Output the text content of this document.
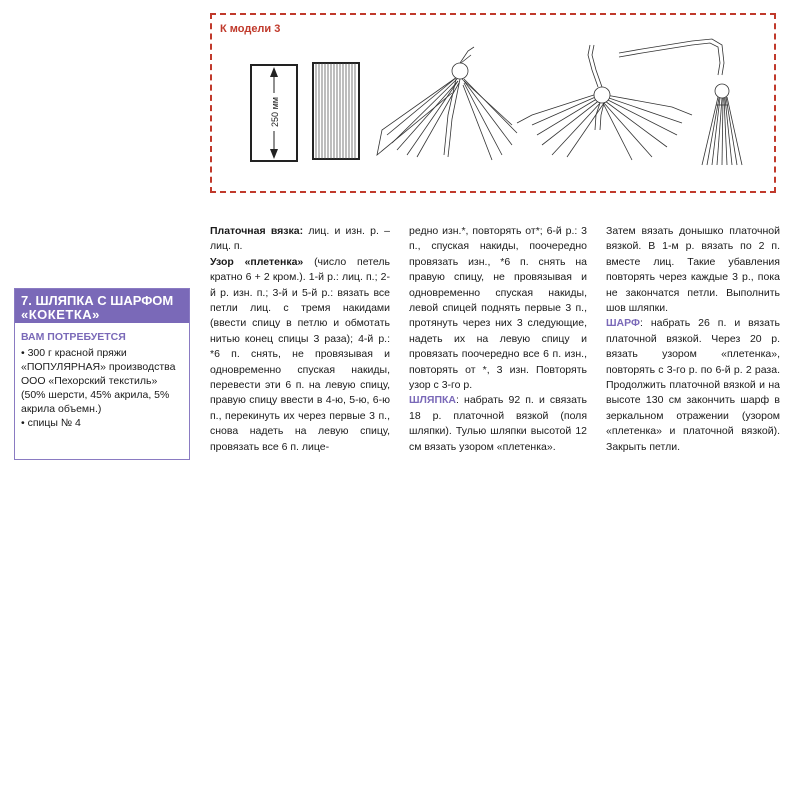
К модели 3
250 мм
7. ШЛЯПКА С ШАРФОМ
«КОКЕТКА»
ВАМ ПОТРЕБУЕТСЯ

• 300 г красной пряжи «ПОПУЛЯРНАЯ» производства ООО «Пехорский текстиль» (50% шерсти, 45% акрила, 5% акрила объемн.)

• спицы № 4

Платочная вязка: лиц. и изн. р. – лиц. п.

Узор «плетенка» (число петель кратно 6 + 2 кром.). 1-й р.: лиц. п.; 2-й р. изн. п.; 3-й и 5-й р.: вязать все петли лиц. с тремя накидами (ввести спицу в петлю и обмотать нитью конец спицы 3 раза); 4-й р.: *6 п. снять, не провязывая и одновременно спуская накиды, перевести эти 6 п. на левую спицу, правую спицу ввести в 4-ю, 5-ю, 6-ю п., перекинуть их через первые 3 п., снова надеть на левую спицу, провязать все 6 п. лице-

редно изн.*, повторять от*; 6-й р.: 3 п., спуская накиды, поочередно провязать изн., *6 п. снять на правую спицу, не провязывая и одновременно спуская накиды, левой спицей поднять первые 3 п., протянуть через них 3 следующие, надеть их на левую спицу и провязать поочередно все 6 п. изн., повторять от *, 3 изн. Повторять узор с 3-го р.

ШЛЯПКА: набрать 92 п. и связать 18 р. платочной вязкой (поля шляпки). Тулью шляпки высотой 12 см вязать узором «плетенка».

Затем вязать донышко платочной вязкой. В 1-м р. вязать по 2 п. вместе лиц. Такие убавления повторять через каждые 3 р., пока не закончатся петли. Выполнить шов шляпки.

ШАРФ: набрать 26 п. и вязать платочной вязкой. Через 20 р. вязать узором «плетенка», повторять с 3-го р. по 6-й р. 2 раза. Продолжить платочной вязкой и на высоте 130 см закончить шарф в зеркальном отражении (узором «плетенка» и платочной вязкой). Закрыть петли.
